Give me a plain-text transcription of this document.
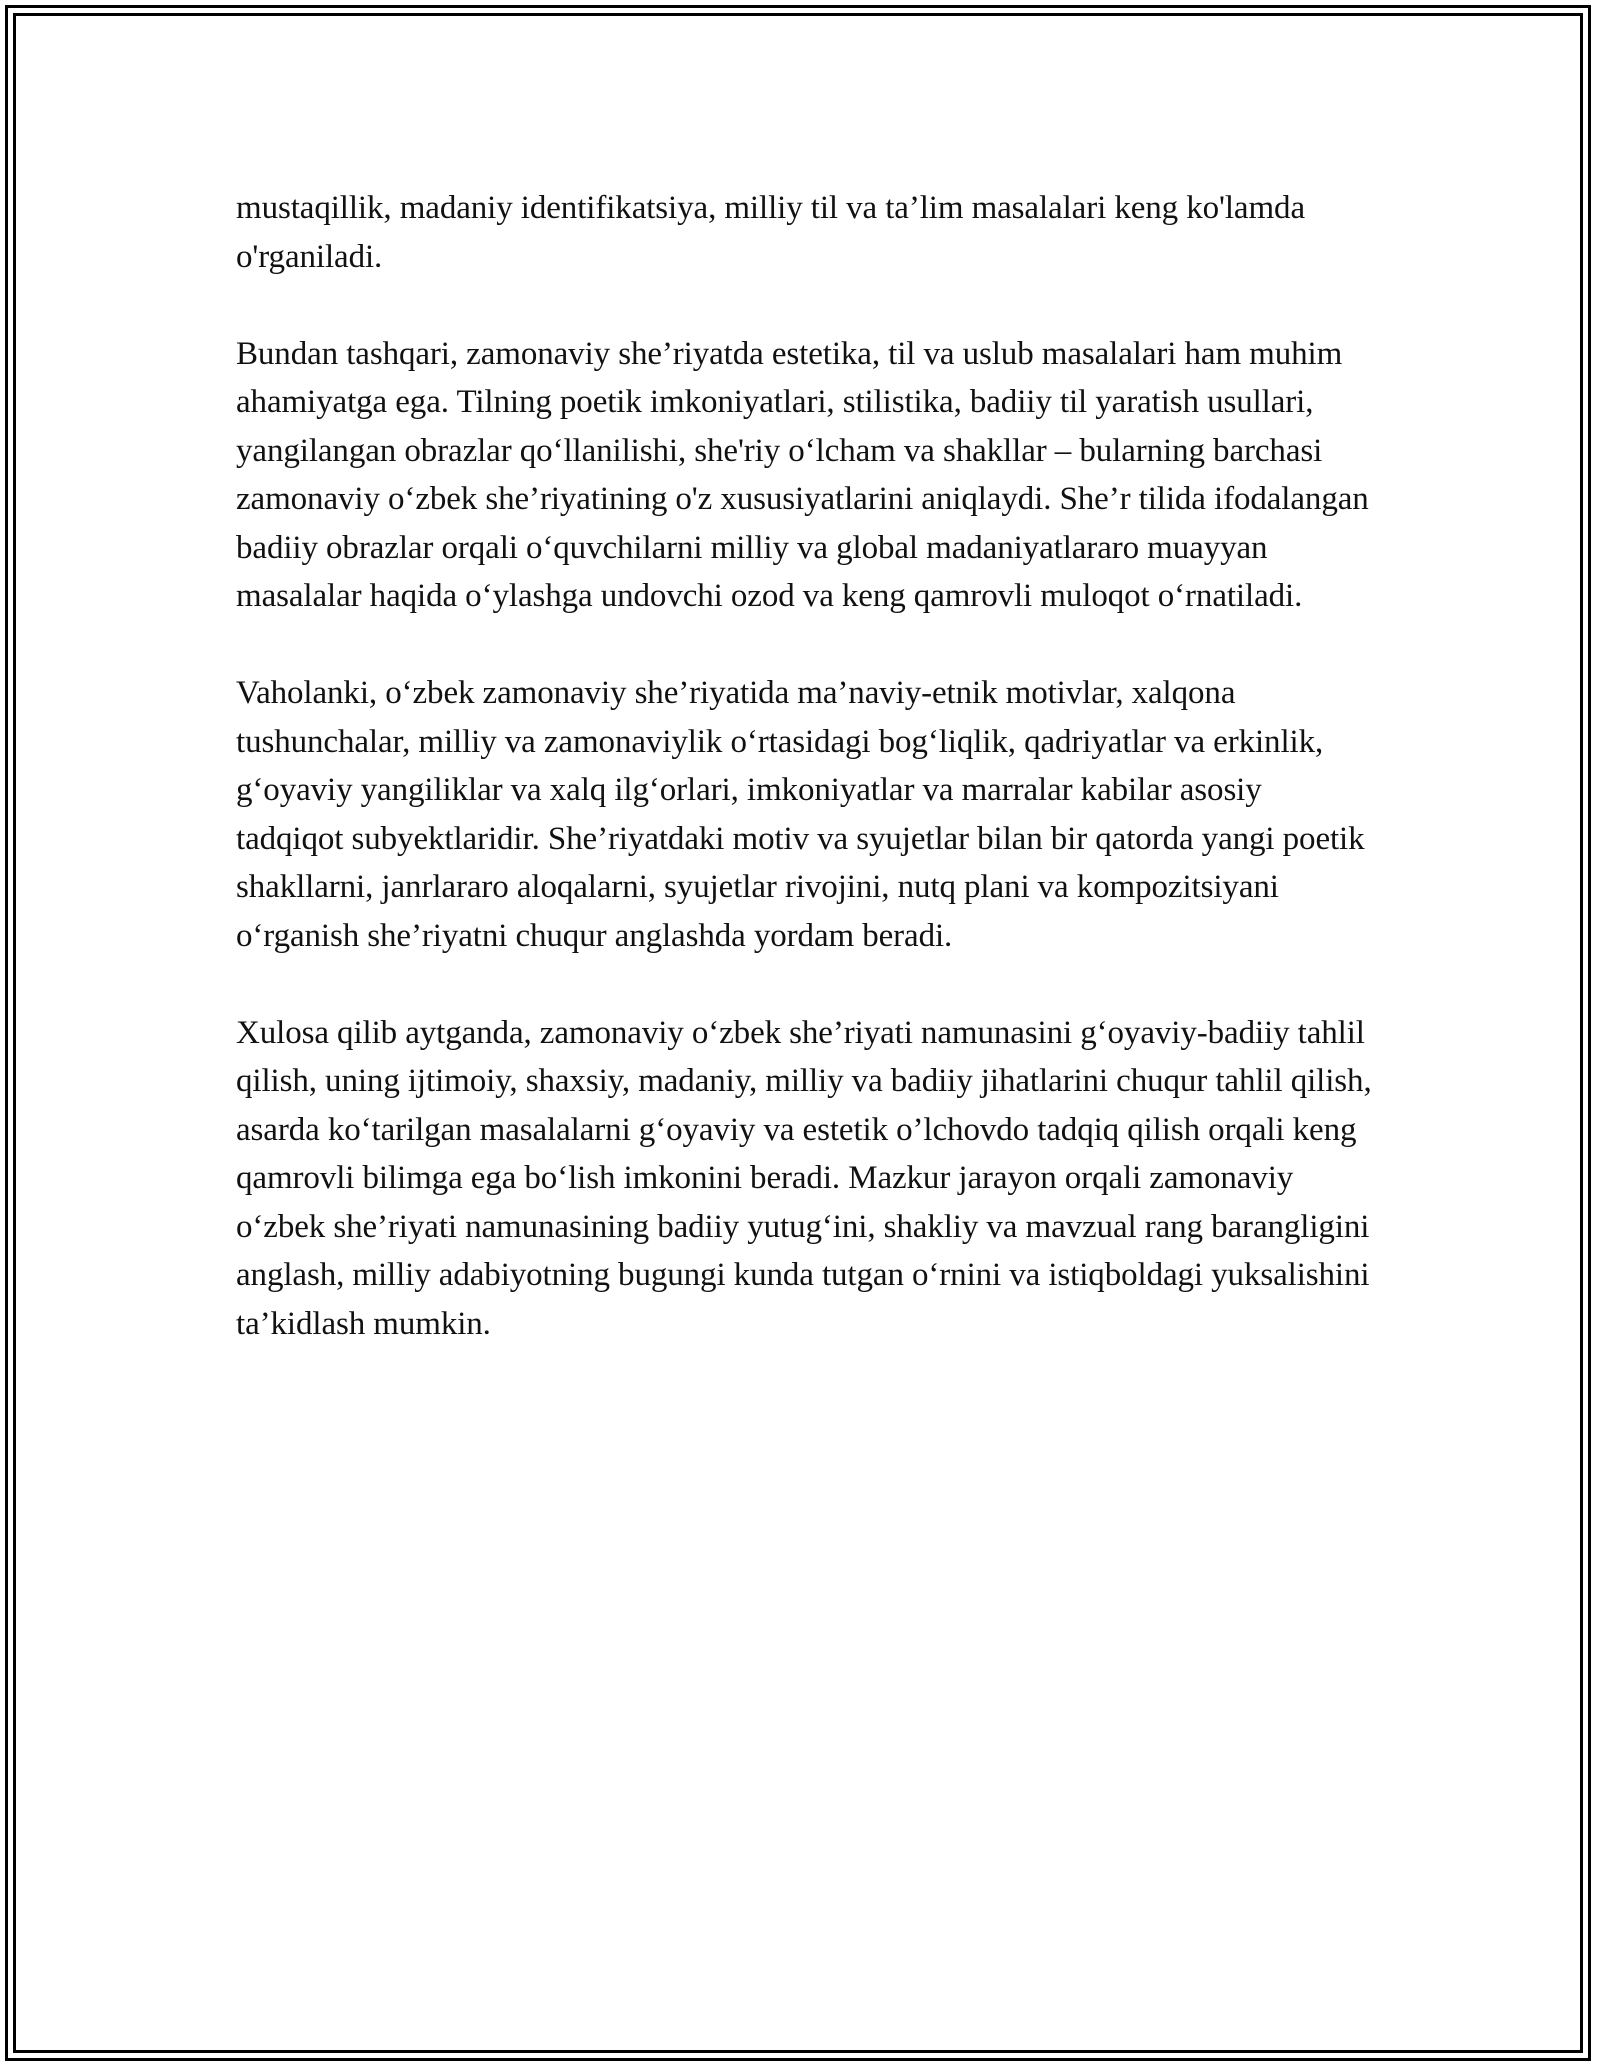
mustaqillik, madaniy identifikatsiya, milliy til va ta’lim masalalari keng ko'lamda o'rganiladi.

Bundan tashqari, zamonaviy she’riyatda estetika, til va uslub masalalari ham muhim ahamiyatga ega. Tilning poetik imkoniyatlari, stilistika, badiiy til yaratish usullari, yangilangan obrazlar qo‘llanilishi, she'riy o‘lcham va shakllar – bularning barchasi zamonaviy o‘zbek she’riyatining o'z xususiyatlarini aniqlaydi. She’r tilida ifodalangan badiiy obrazlar orqali o‘quvchilarni milliy va global madaniyatlararo muayyan masalalar haqida o‘ylashga undovchi ozod va keng qamrovli muloqot o‘rnatiladi.

Vaholanki, o‘zbek zamonaviy she’riyatida ma’naviy-etnik motivlar, xalqona tushunchalar, milliy va zamonaviylik o‘rtasidagi bog‘liqlik, qadriyatlar va erkinlik, g‘oyaviy yangiliklar va xalq ilg‘orlari, imkoniyatlar va marralar kabilar asosiy tadqiqot subyektlaridir. She’riyatdaki motiv va syujetlar bilan bir qatorda yangi poetik shakllarni, janrlararo aloqalarni, syujetlar rivojini, nutq plani va kompozitsiyani o‘rganish she’riyatni chuqur anglashda yordam beradi.

Xulosa qilib aytganda, zamonaviy o‘zbek she’riyati namunasini g‘oyaviy-badiiy tahlil qilish, uning ijtimoiy, shaxsiy, madaniy, milliy va badiiy jihatlarini chuqur tahlil qilish, asarda ko‘tarilgan masalalarni g‘oyaviy va estetik o’lchovdo tadqiq qilish orqali keng qamrovli bilimga ega bo‘lish imkonini beradi. Mazkur jarayon orqali zamonaviy o‘zbek she’riyati namunasining badiiy yutug‘ini, shakliy va mavzual rang barangligini anglash, milliy adabiyotning bugungi kunda tutgan o‘rnini va istiqboldagi yuksalishini ta’kidlash mumkin.
